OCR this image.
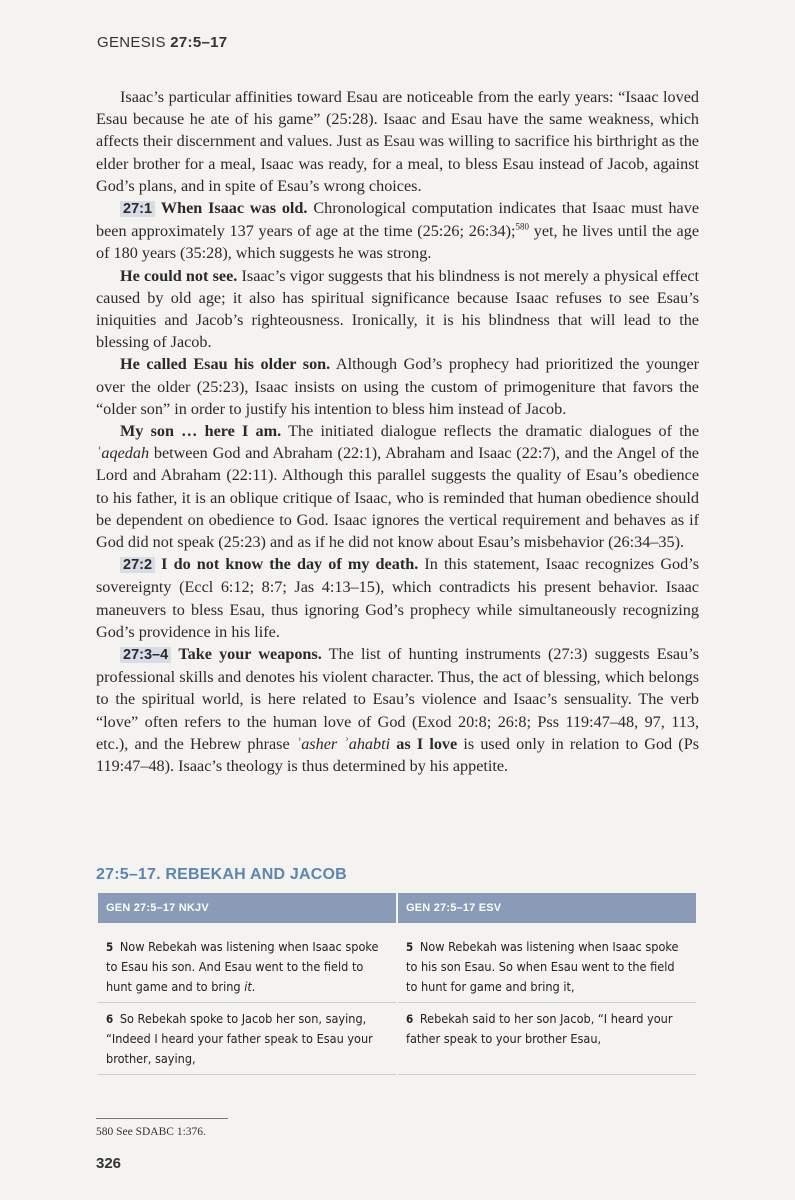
GENESIS 27:5–17

Isaac’s particular affinities toward Esau are noticeable from the early years: “Isaac loved Esau because he ate of his game” (25:28). Isaac and Esau have the same weakness, which affects their discernment and values. Just as Esau was willing to sacrifice his birthright as the elder brother for a meal, Isaac was ready, for a meal, to bless Esau instead of Jacob, against God’s plans, and in spite of Esau’s wrong choices.

27:1 When Isaac was old. Chronological computation indicates that Isaac must have been approximately 137 years of age at the time (25:26; 26:34);$^{580}$ yet, he lives until the age of 180 years (35:28), which suggests he was strong.

He could not see. Isaac’s vigor suggests that his blindness is not merely a physical effect caused by old age; it also has spiritual significance because Isaac refuses to see Esau’s iniquities and Jacob’s righteousness. Ironically, it is his blindness that will lead to the blessing of Jacob.

He called Esau his older son. Although God’s prophecy had prioritized the younger over the older (25:23), Isaac insists on using the custom of primogeniture that favors the “older son” in order to justify his intention to bless him instead of Jacob.

My son … here I am. The initiated dialogue reflects the dramatic dialogues of the ʿaqedah between God and Abraham (22:1), Abraham and Isaac (22:7), and the Angel of the Lord and Abraham (22:11). Although this parallel suggests the quality of Esau’s obedience to his father, it is an oblique critique of Isaac, who is reminded that human obedience should be dependent on obedience to God. Isaac ignores the vertical requirement and behaves as if God did not speak (25:23) and as if he did not know about Esau’s misbehavior (26:34–35).

27:2 I do not know the day of my death. In this statement, Isaac recognizes God’s sovereignty (Eccl 6:12; 8:7; Jas 4:13–15), which contradicts his present behavior. Isaac maneuvers to bless Esau, thus ignoring God’s prophecy while simultaneously recognizing God’s providence in his life.

27:3–4 Take your weapons. The list of hunting instruments (27:3) suggests Esau’s professional skills and denotes his violent character. Thus, the act of blessing, which belongs to the spiritual world, is here related to Esau’s violence and Isaac’s sensuality. The verb “love” often refers to the human love of God (Exod 20:8; 26:8; Pss 119:47–48, 97, 113, etc.), and the Hebrew phrase ʾasher ʾahabti as I love is used only in relation to God (Ps 119:47–48). Isaac’s theology is thus determined by his appetite.

27:5–17. REBEKAH AND JACOB
GEN 27:5–17 NKJV	GEN 27:5–17 ESV
5 Now Rebekah was listening when Isaac spoke to Esau his son. And Esau went to the field to hunt game and to bring it.	5 Now Rebekah was listening when Isaac spoke to his son Esau. So when Esau went to the field to hunt for game and bring it,
6 So Rebekah spoke to Jacob her son, saying, “Indeed I heard your father speak to Esau your brother, saying,	6 Rebekah said to her son Jacob, “I heard your father speak to your brother Esau,
580 See SDABC 1:376.
326
